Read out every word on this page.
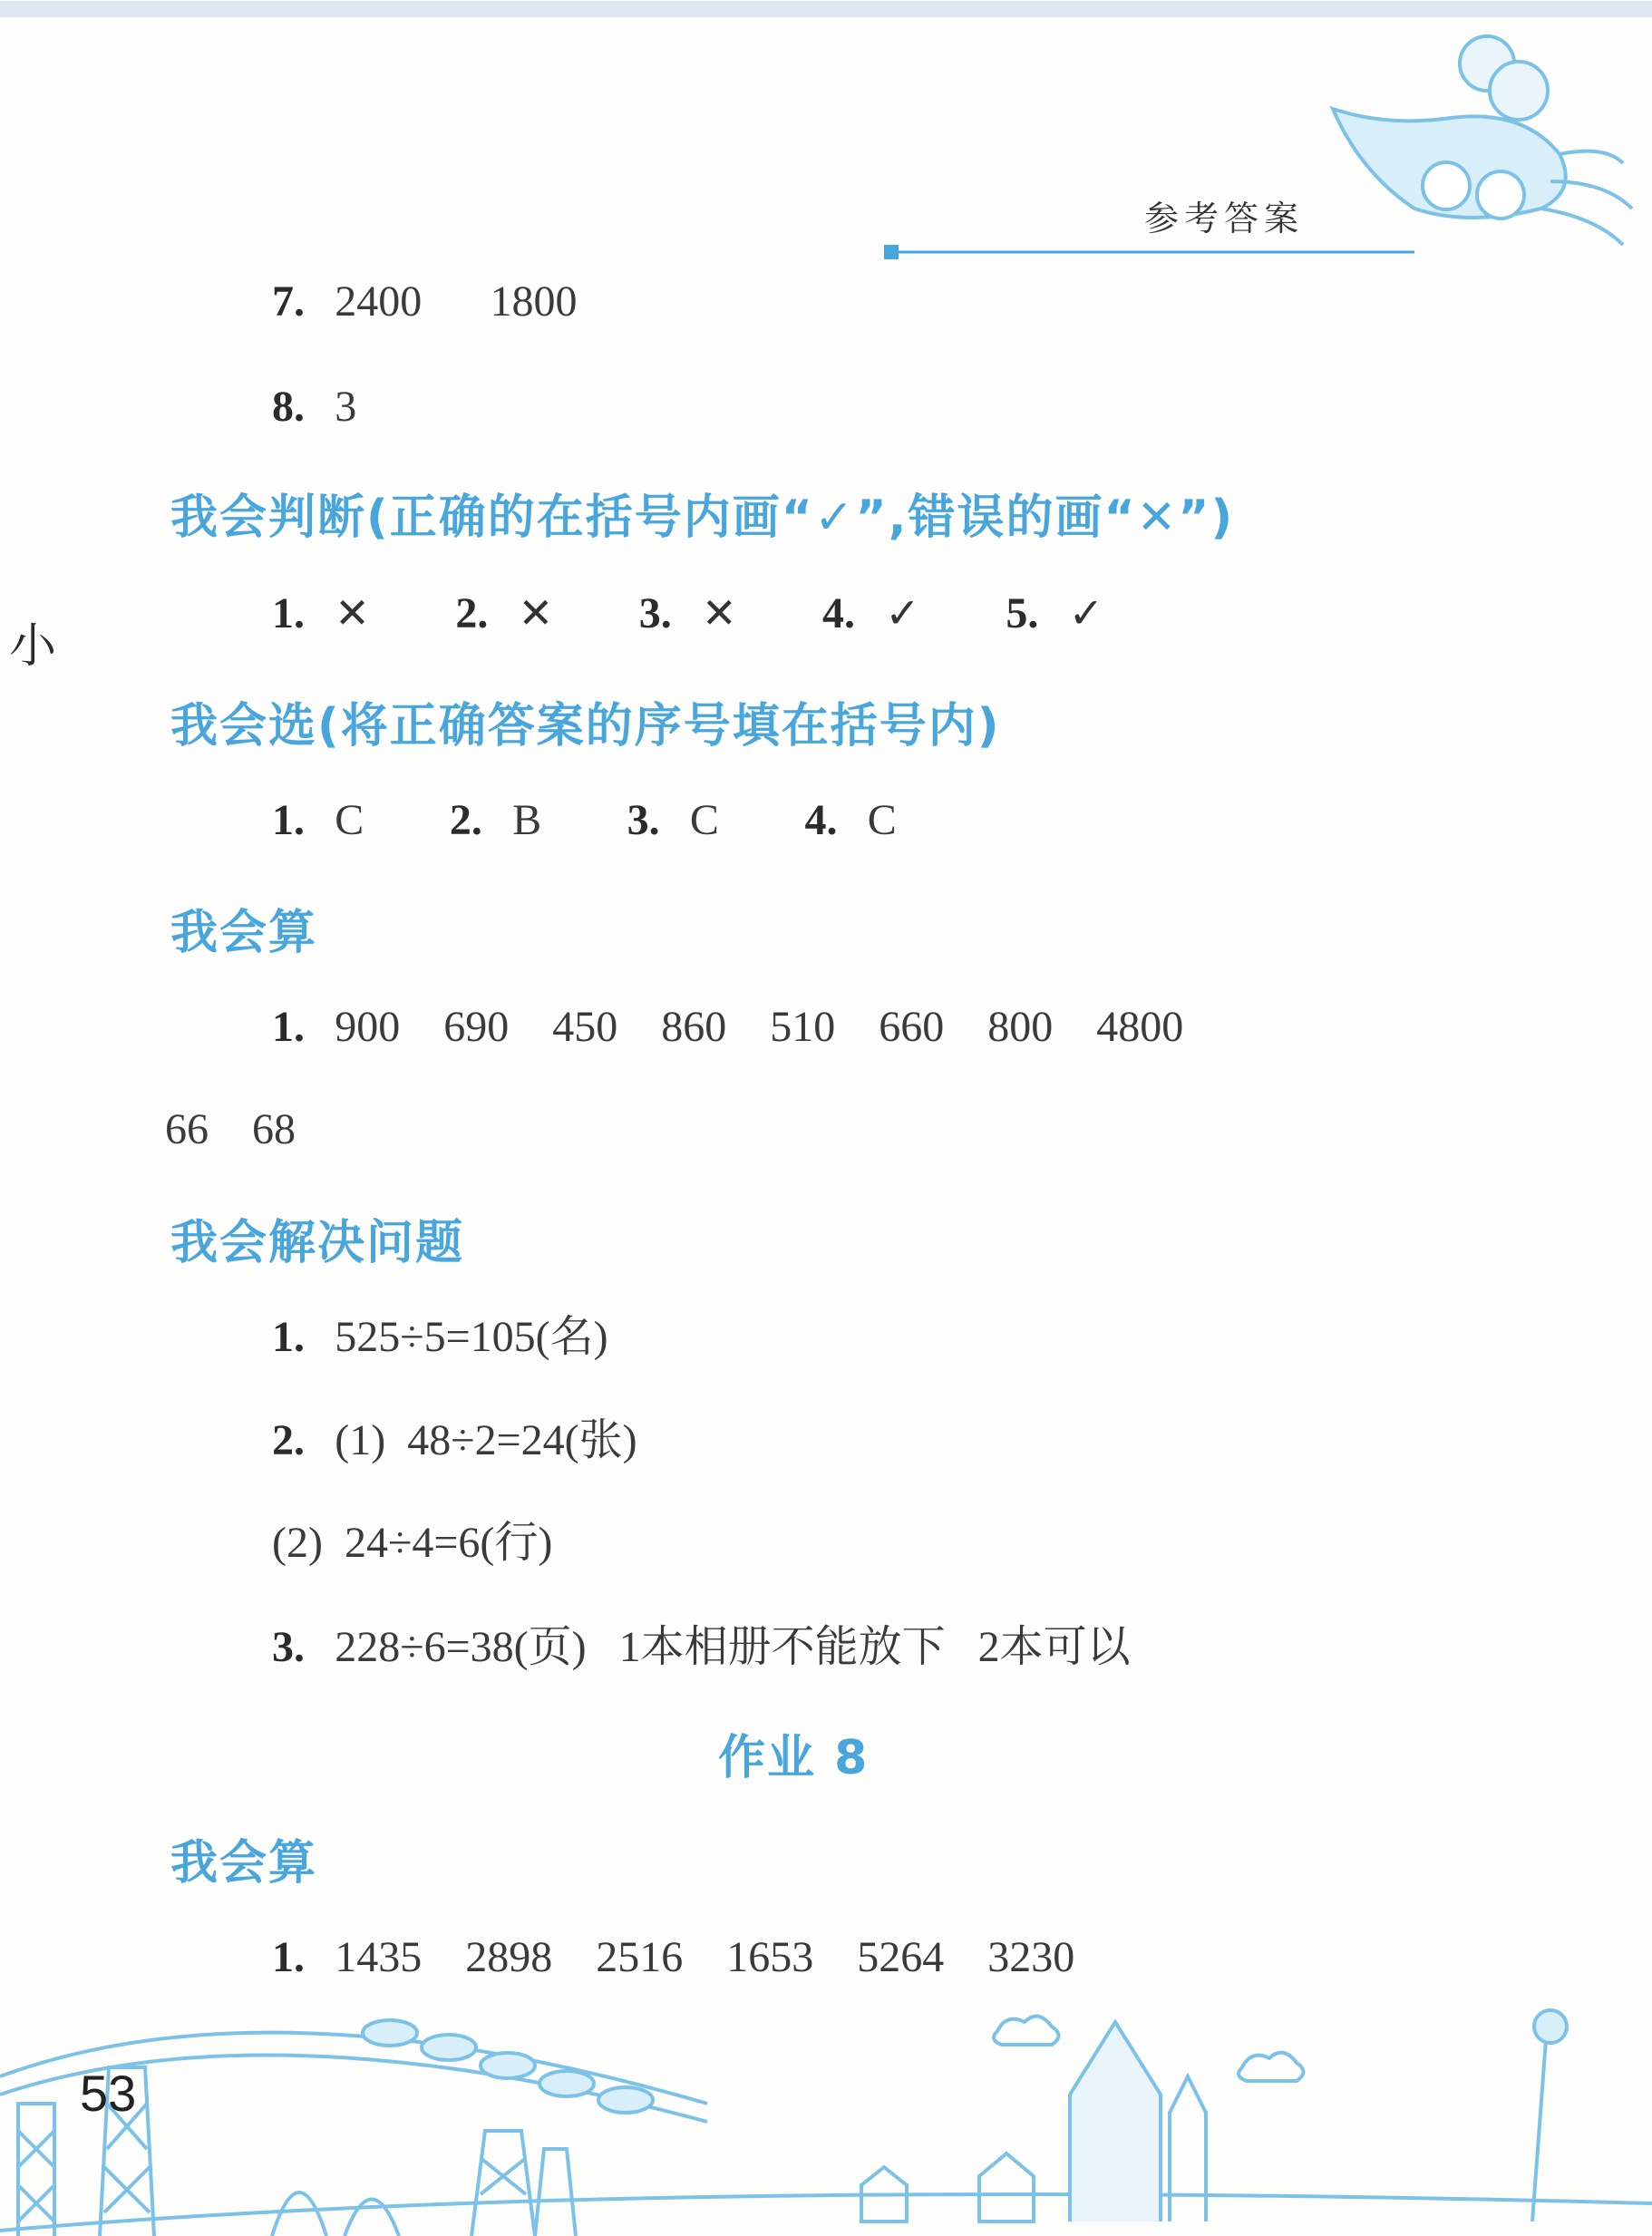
参考答案
小
7. 2400 1800
8. 3
我会判断(正确的在括号内画“✓”,错误的画“✕”)
1. ✕ 2. ✕ 3. ✕ 4. ✓ 5. ✓
我会选(将正确答案的序号填在括号内)
1. C 2. B 3. C 4. C
我会算
1. 900    690    450    860    510    660    800    4800
66    68
我会解决问题
1. 525÷5=105(名)
2. (1)  48÷2=24(张)
(2)  24÷4=6(行)
3. 228÷6=38(页)   1本相册不能放下   2本可以
作业 8
我会算
1. 1435    2898    2516    1653    5264    3230
53
